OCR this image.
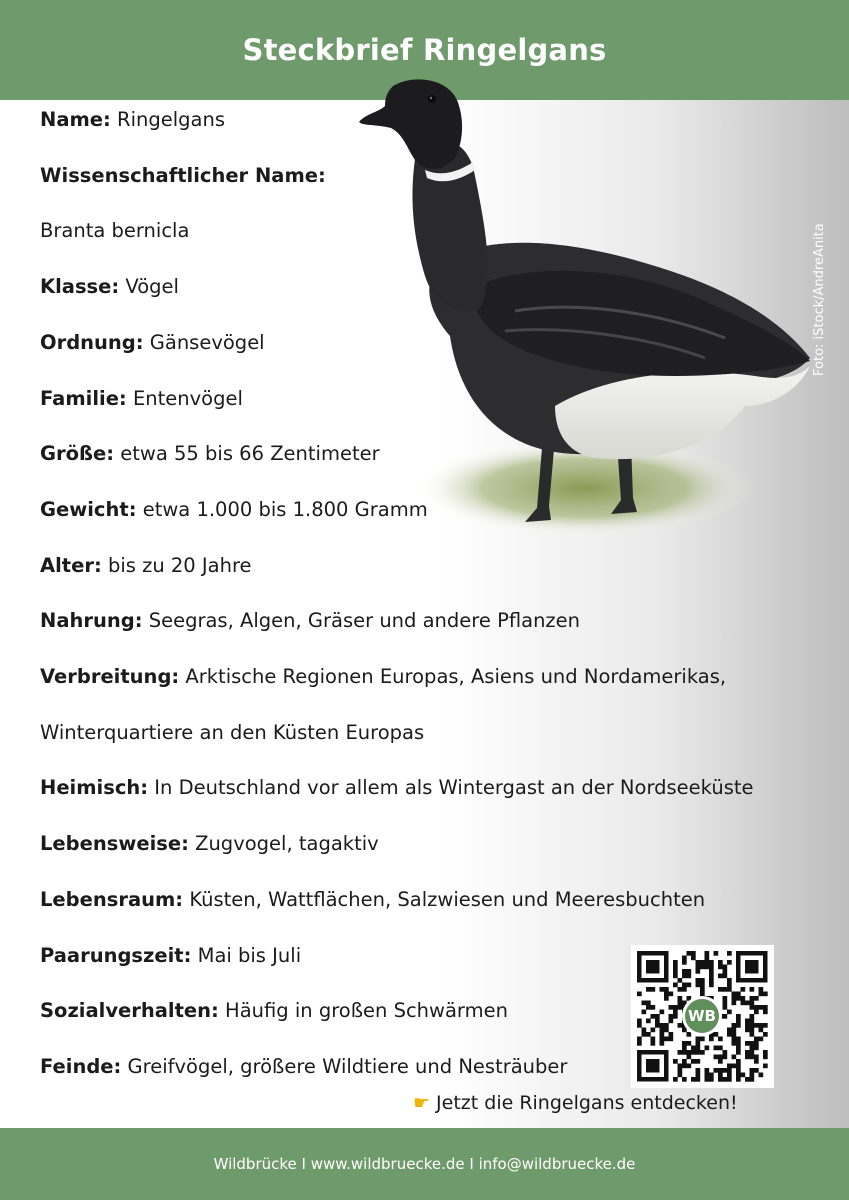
Steckbrief Ringelgans
Foto: iStock/AndreAnita
Name: Ringelgans
Wissenschaftlicher Name:
Branta bernicla
Klasse: Vögel
Ordnung: Gänsevögel
Familie: Entenvögel
Größe: etwa 55 bis 66 Zentimeter
Gewicht: etwa 1.000 bis 1.800 Gramm
Alter: bis zu 20 Jahre
Nahrung: Seegras, Algen, Gräser und andere Pflanzen
Verbreitung: Arktische Regionen Europas, Asiens und Nordamerikas,
Winterquartiere an den Küsten Europas
Heimisch: In Deutschland vor allem als Wintergast an der Nordseeküste
Lebensweise: Zugvogel, tagaktiv
Lebensraum: Küsten, Wattflächen, Salzwiesen und Meeresbuchten
Paarungszeit: Mai bis Juli
Sozialverhalten: Häufig in großen Schwärmen
Feinde: Greifvögel, größere Wildtiere und Nesträuber
WB
☛ Jetzt die Ringelgans entdecken!
Wildbrücke I www.wildbruecke.de I info@wildbruecke.de
